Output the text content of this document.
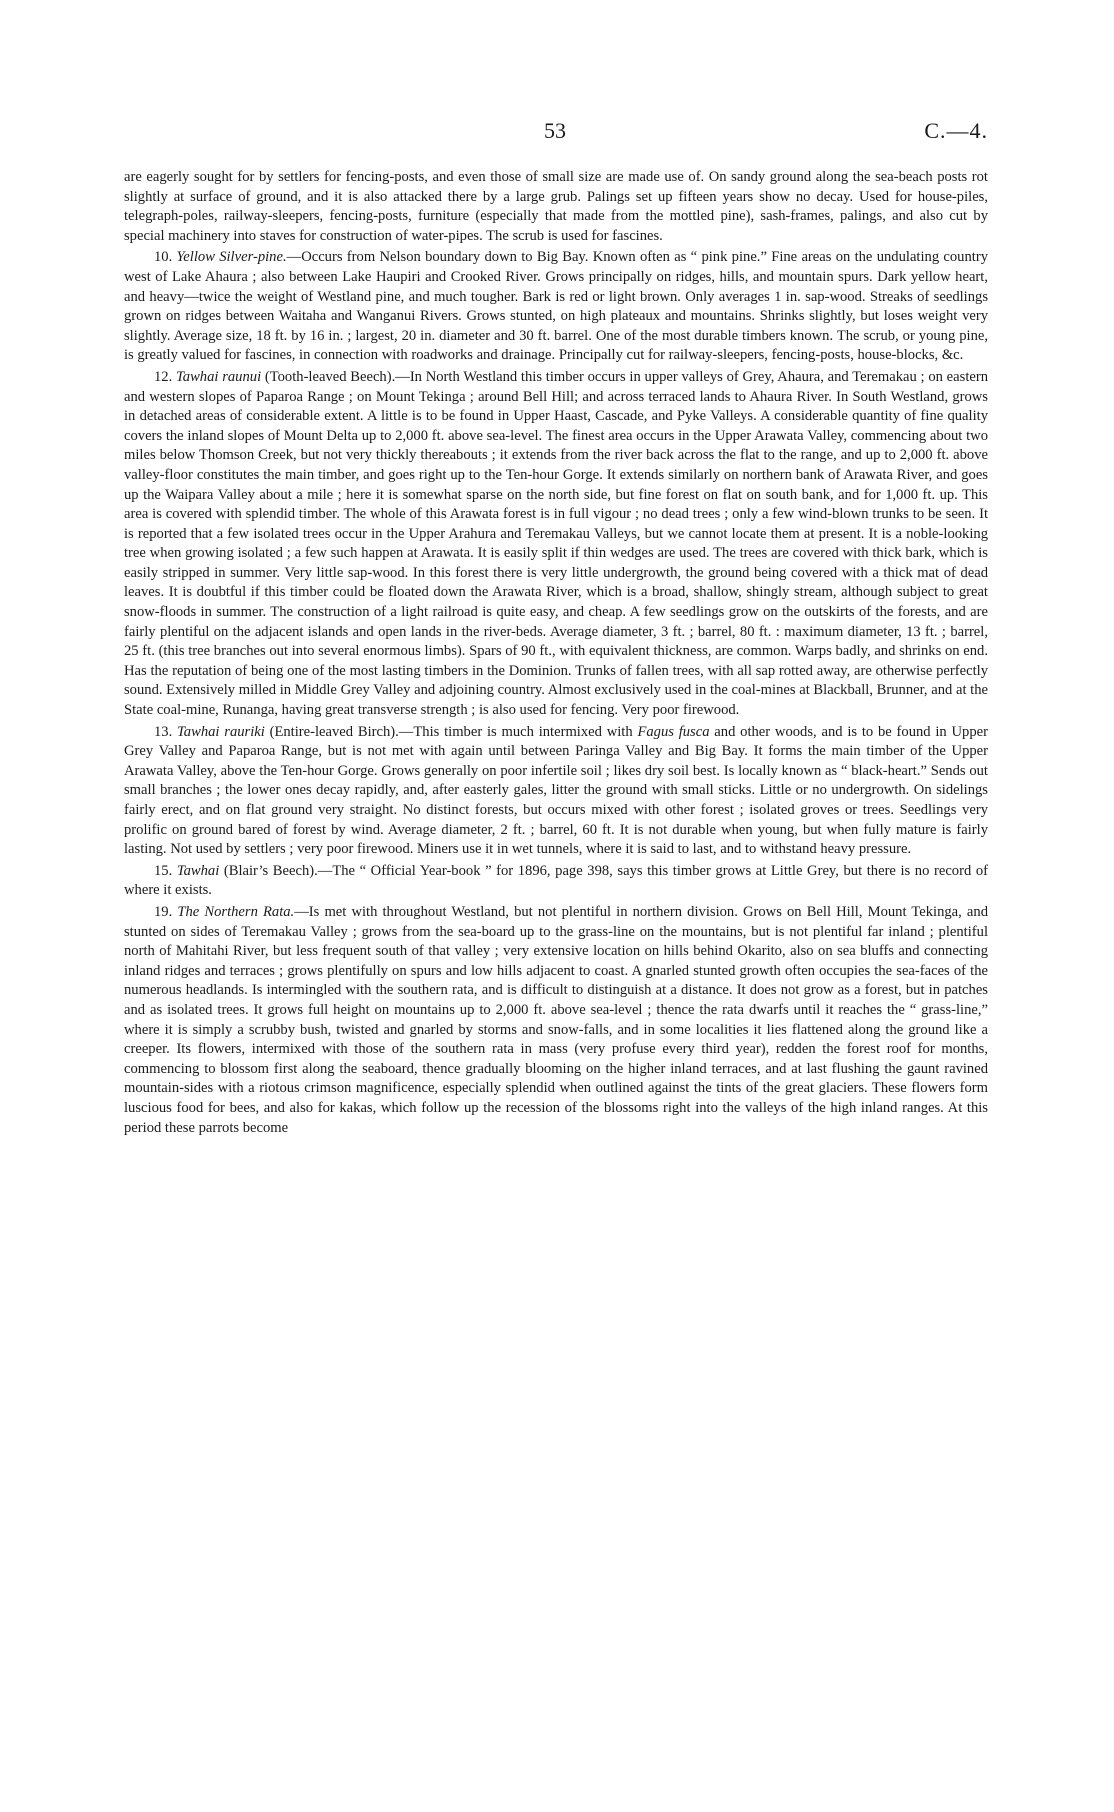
53	C.—4.

are eagerly sought for by settlers for fencing-posts, and even those of small size are made use of. On sandy ground along the sea-beach posts rot slightly at surface of ground, and it is also attacked there by a large grub. Palings set up fifteen years show no decay. Used for house-piles, telegraph-poles, railway-sleepers, fencing-posts, furniture (especially that made from the mottled pine), sash-frames, palings, and also cut by special machinery into staves for construction of water-pipes. The scrub is used for fascines.

10. Yellow Silver-pine.—Occurs from Nelson boundary down to Big Bay. Known often as “ pink pine.” Fine areas on the undulating country west of Lake Ahaura ; also between Lake Haupiri and Crooked River. Grows principally on ridges, hills, and mountain spurs. Dark yellow heart, and heavy—twice the weight of Westland pine, and much tougher. Bark is red or light brown. Only averages 1 in. sap-wood. Streaks of seedlings grown on ridges between Waitaha and Wanganui Rivers. Grows stunted, on high plateaux and mountains. Shrinks slightly, but loses weight very slightly. Average size, 18 ft. by 16 in. ; largest, 20 in. diameter and 30 ft. barrel. One of the most durable timbers known. The scrub, or young pine, is greatly valued for fascines, in connection with roadworks and drainage. Principally cut for railway-sleepers, fencing-posts, house-blocks, &c.

12. Tawhai raunui (Tooth-leaved Beech).—In North Westland this timber occurs in upper valleys of Grey, Ahaura, and Teremakau ; on eastern and western slopes of Paparoa Range ; on Mount Tekinga ; around Bell Hill; and across terraced lands to Ahaura River. In South Westland, grows in detached areas of considerable extent. A little is to be found in Upper Haast, Cascade, and Pyke Valleys. A considerable quantity of fine quality covers the inland slopes of Mount Delta up to 2,000 ft. above sea-level. The finest area occurs in the Upper Arawata Valley, commencing about two miles below Thomson Creek, but not very thickly thereabouts ; it extends from the river back across the flat to the range, and up to 2,000 ft. above valley-floor constitutes the main timber, and goes right up to the Ten-hour Gorge. It extends similarly on northern bank of Arawata River, and goes up the Waipara Valley about a mile ; here it is somewhat sparse on the north side, but fine forest on flat on south bank, and for 1,000 ft. up. This area is covered with splendid timber. The whole of this Arawata forest is in full vigour ; no dead trees ; only a few wind-blown trunks to be seen. It is reported that a few isolated trees occur in the Upper Arahura and Teremakau Valleys, but we cannot locate them at present. It is a noble-looking tree when growing isolated ; a few such happen at Arawata. It is easily split if thin wedges are used. The trees are covered with thick bark, which is easily stripped in summer. Very little sap-wood. In this forest there is very little undergrowth, the ground being covered with a thick mat of dead leaves. It is doubtful if this timber could be floated down the Arawata River, which is a broad, shallow, shingly stream, although subject to great snow-floods in summer. The construction of a light railroad is quite easy, and cheap. A few seedlings grow on the outskirts of the forests, and are fairly plentiful on the adjacent islands and open lands in the river-beds. Average diameter, 3 ft. ; barrel, 80 ft. : maximum diameter, 13 ft. ; barrel, 25 ft. (this tree branches out into several enormous limbs). Spars of 90 ft., with equivalent thickness, are common. Warps badly, and shrinks on end. Has the reputation of being one of the most lasting timbers in the Dominion. Trunks of fallen trees, with all sap rotted away, are otherwise perfectly sound. Extensively milled in Middle Grey Valley and adjoining country. Almost exclusively used in the coal-mines at Blackball, Brunner, and at the State coal-mine, Runanga, having great transverse strength ; is also used for fencing. Very poor firewood.

13. Tawhai rauriki (Entire-leaved Birch).—This timber is much intermixed with Fagus fusca and other woods, and is to be found in Upper Grey Valley and Paparoa Range, but is not met with again until between Paringa Valley and Big Bay. It forms the main timber of the Upper Arawata Valley, above the Ten-hour Gorge. Grows generally on poor infertile soil ; likes dry soil best. Is locally known as “ black-heart.” Sends out small branches ; the lower ones decay rapidly, and, after easterly gales, litter the ground with small sticks. Little or no undergrowth. On sidelings fairly erect, and on flat ground very straight. No distinct forests, but occurs mixed with other forest ; isolated groves or trees. Seedlings very prolific on ground bared of forest by wind. Average diameter, 2 ft. ; barrel, 60 ft. It is not durable when young, but when fully mature is fairly lasting. Not used by settlers ; very poor firewood. Miners use it in wet tunnels, where it is said to last, and to withstand heavy pressure.

15. Tawhai (Blair’s Beech).—The “ Official Year-book ” for 1896, page 398, says this timber grows at Little Grey, but there is no record of where it exists.

19. The Northern Rata.—Is met with throughout Westland, but not plentiful in northern division. Grows on Bell Hill, Mount Tekinga, and stunted on sides of Teremakau Valley ; grows from the sea-board up to the grass-line on the mountains, but is not plentiful far inland ; plentiful north of Mahitahi River, but less frequent south of that valley ; very extensive location on hills behind Okarito, also on sea bluffs and connecting inland ridges and terraces ; grows plentifully on spurs and low hills adjacent to coast. A gnarled stunted growth often occupies the sea-faces of the numerous headlands. Is intermingled with the southern rata, and is difficult to distinguish at a distance. It does not grow as a forest, but in patches and as isolated trees. It grows full height on mountains up to 2,000 ft. above sea-level ; thence the rata dwarfs until it reaches the “ grass-line,” where it is simply a scrubby bush, twisted and gnarled by storms and snow-falls, and in some localities it lies flattened along the ground like a creeper. Its flowers, intermixed with those of the southern rata in mass (very profuse every third year), redden the forest roof for months, commencing to blossom first along the seaboard, thence gradually blooming on the higher inland terraces, and at last flushing the gaunt ravined mountain-sides with a riotous crimson magnificence, especially splendid when outlined against the tints of the great glaciers. These flowers form luscious food for bees, and also for kakas, which follow up the recession of the blossoms right into the valleys of the high inland ranges. At this period these parrots become
